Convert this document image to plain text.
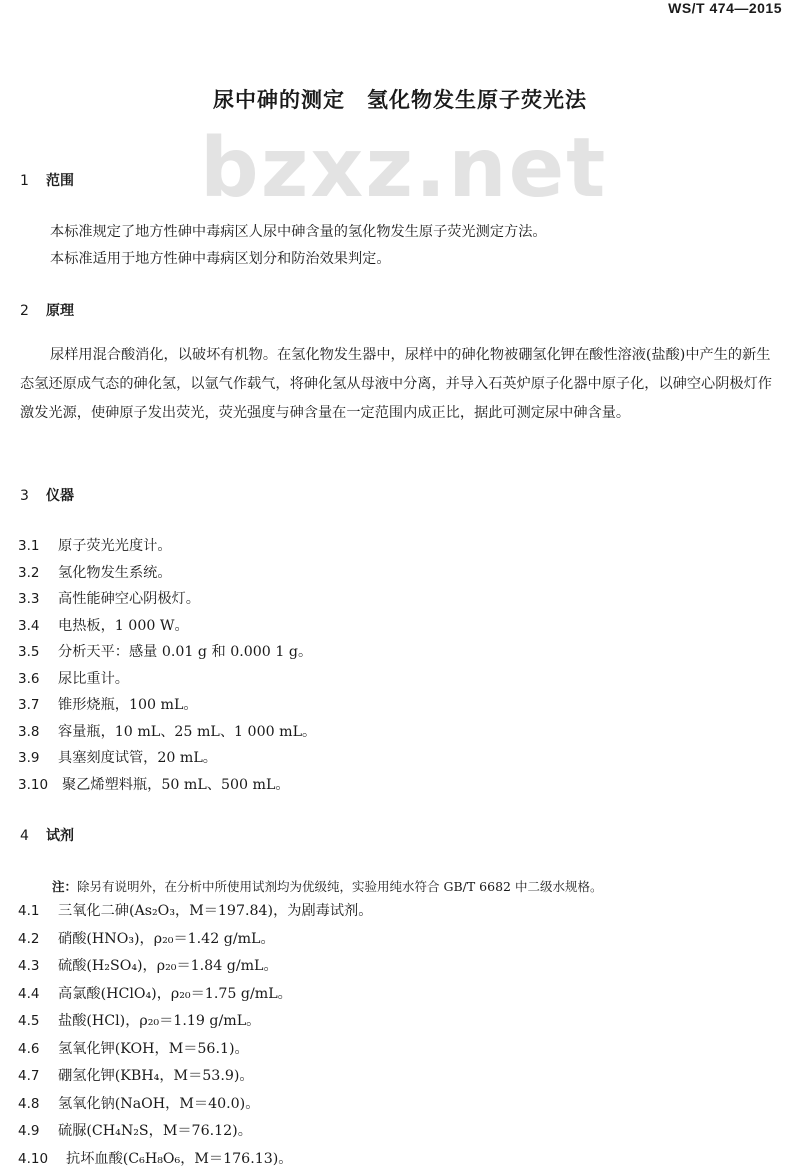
WS/T 474—2015
bzxz.net
尿中砷的测定　氢化物发生原子荧光法
1 范围
本标准规定了地方性砷中毒病区人尿中砷含量的氢化物发生原子荧光测定方法。
本标准适用于地方性砷中毒病区划分和防治效果判定。
2 原理
尿样用混合酸消化，以破坏有机物。在氢化物发生器中，尿样中的砷化物被硼氢化钾在酸性溶液(盐酸)中产生的新生态氢还原成气态的砷化氢，以氩气作载气，将砷化氢从母液中分离，并导入石英炉原子化器中原子化，以砷空心阴极灯作激发光源，使砷原子发出荧光，荧光强度与砷含量在一定范围内成正比，据此可测定尿中砷含量。
3 仪器
3.1 原子荧光光度计。
3.2 氢化物发生系统。
3.3 高性能砷空心阴极灯。
3.4 电热板，1 000 W。
3.5 分析天平：感量 0.01 g 和 0.000 1 g。
3.6 尿比重计。
3.7 锥形烧瓶，100 mL。
3.8 容量瓶，10 mL、25 mL、1 000 mL。
3.9 具塞刻度试管，20 mL。
3.10 聚乙烯塑料瓶，50 mL、500 mL。
4 试剂
注：除另有说明外，在分析中所使用试剂均为优级纯，实验用纯水符合 GB/T 6682 中二级水规格。
4.1 三氧化二砷(As₂O₃，M＝197.84)，为剧毒试剂。
4.2 硝酸(HNO₃)，ρ₂₀＝1.42 g/mL。
4.3 硫酸(H₂SO₄)，ρ₂₀＝1.84 g/mL。
4.4 高氯酸(HClO₄)，ρ₂₀＝1.75 g/mL。
4.5 盐酸(HCl)，ρ₂₀＝1.19 g/mL。
4.6 氢氧化钾(KOH，M＝56.1)。
4.7 硼氢化钾(KBH₄，M＝53.9)。
4.8 氢氧化钠(NaOH，M＝40.0)。
4.9 硫脲(CH₄N₂S，M＝76.12)。
4.10 抗坏血酸(C₆H₈O₆，M＝176.13)。
